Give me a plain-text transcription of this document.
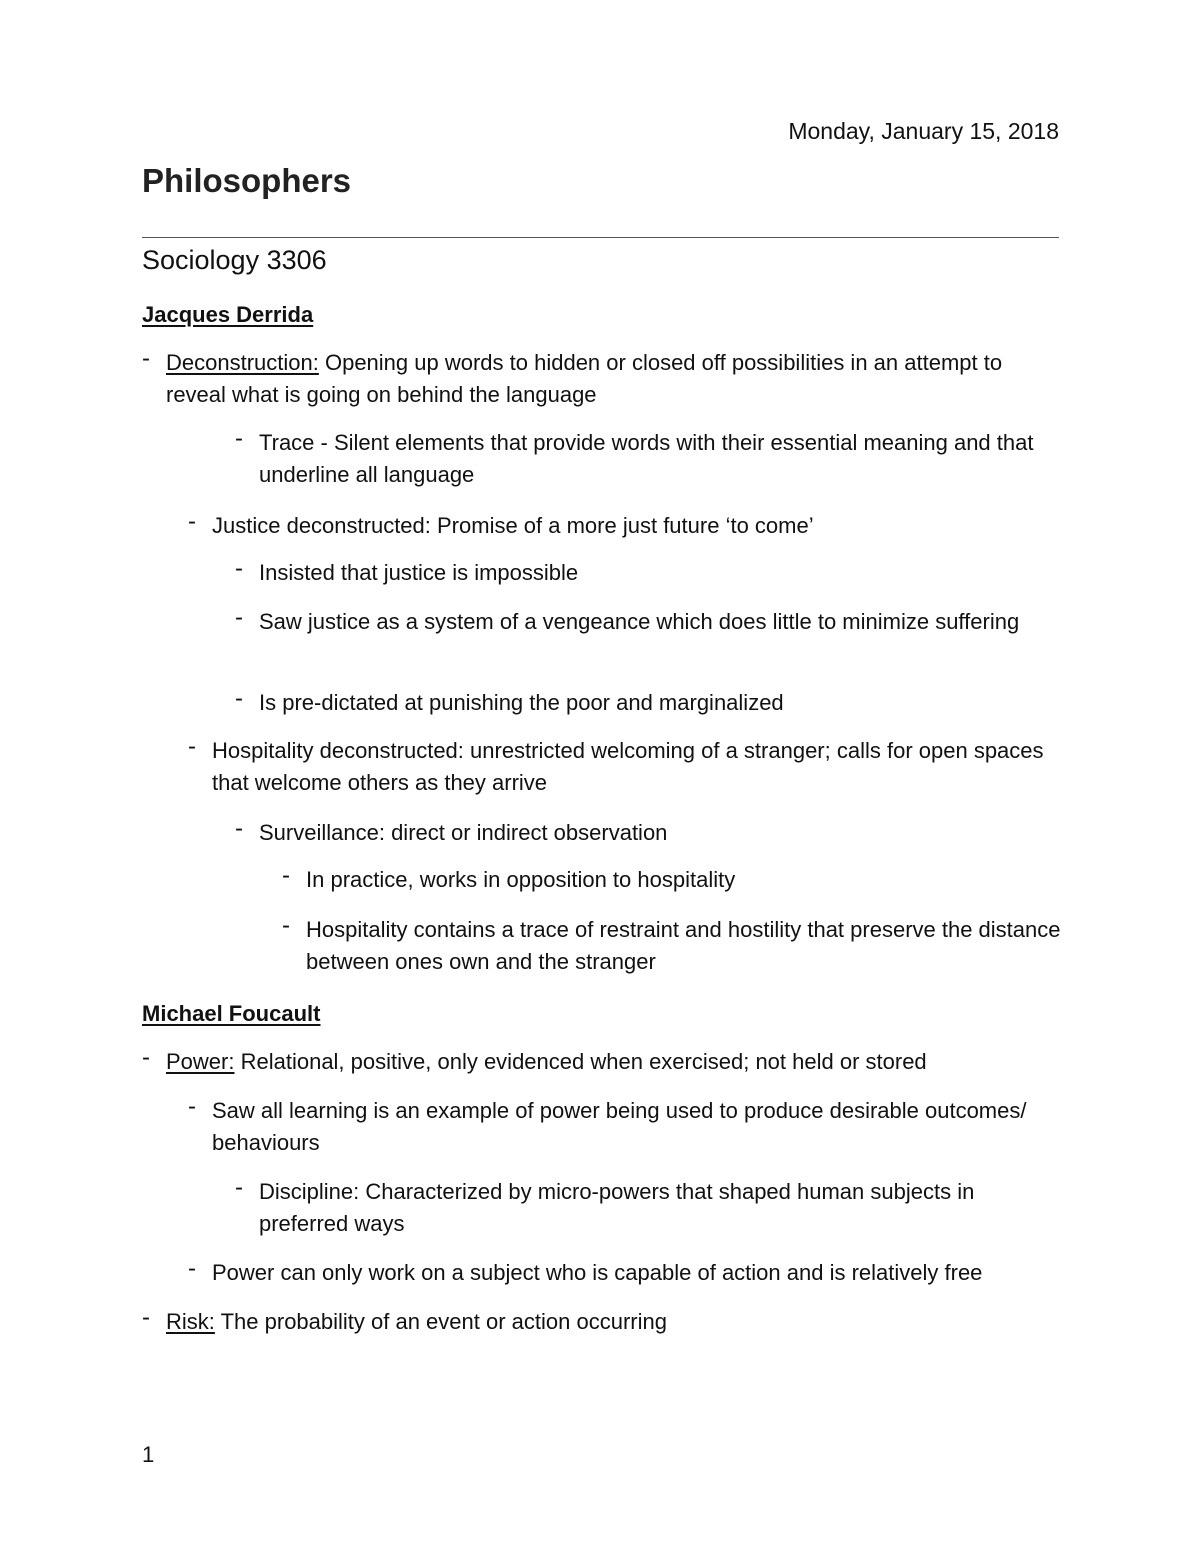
Monday, January 15, 2018
Philosophers
Sociology 3306
Jacques Derrida
- Deconstruction: Opening up words to hidden or closed off possibilities in an attempt to reveal what is going on behind the language
- Trace - Silent elements that provide words with their essential meaning and that underline all language
- Justice deconstructed: Promise of a more just future ‘to come’
- Insisted that justice is impossible
- Saw justice as a system of a vengeance which does little to minimize suffering
- Is pre-dictated at punishing the poor and marginalized
- Hospitality deconstructed: unrestricted welcoming of a stranger; calls for open spaces that welcome others as they arrive
- Surveillance: direct or indirect observation
- In practice, works in opposition to hospitality
- Hospitality contains a trace of restraint and hostility that preserve the distance between ones own and the stranger
Michael Foucault
- Power: Relational, positive, only evidenced when exercised; not held or stored
- Saw all learning is an example of power being used to produce desirable outcomes/ behaviours
- Discipline: Characterized by micro-powers that shaped human subjects in preferred ways
- Power can only work on a subject who is capable of action and is relatively free
- Risk: The probability of an event or action occurring
1
